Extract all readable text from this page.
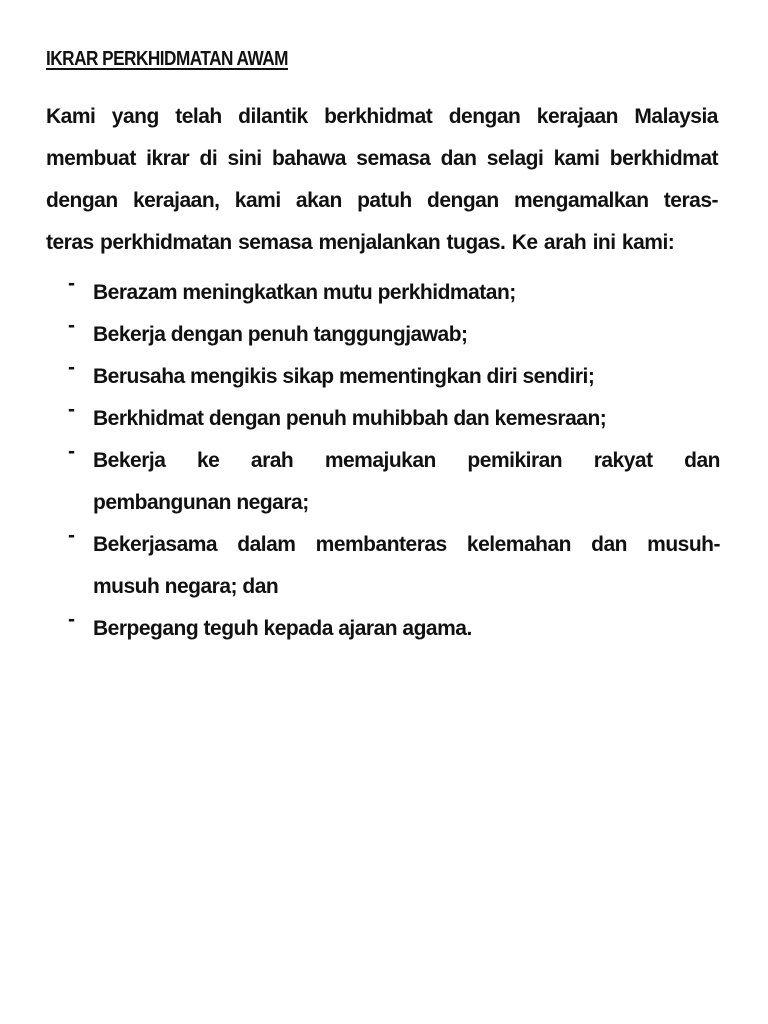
IKRAR PERKHIDMATAN AWAM
Kami yang telah dilantik berkhidmat dengan kerajaan Malaysia
membuat ikrar di sini bahawa semasa dan selagi kami berkhidmat
dengan kerajaan, kami akan patuh dengan mengamalkan teras-
teras perkhidmatan semasa menjalankan tugas. Ke arah ini kami:
- Berazam meningkatkan mutu perkhidmatan;
- Bekerja dengan penuh tanggungjawab;
- Berusaha mengikis sikap mementingkan diri sendiri;
- Berkhidmat dengan penuh muhibbah dan kemesraan;
- Bekerja ke arah memajukan pemikiran rakyat dan
pembangunan negara;
- Bekerjasama dalam membanteras kelemahan dan musuh-
musuh negara; dan
- Berpegang teguh kepada ajaran agama.
